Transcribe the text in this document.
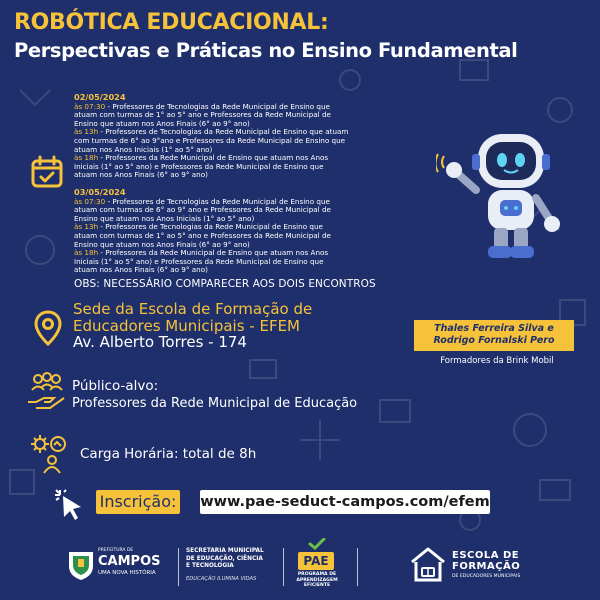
ROBÓTICA EDUCACIONAL:
Perspectivas e Práticas no Ensino Fundamental
02/05/2024
às 07:30 - Professores de Tecnologias da Rede Municipal de Ensino que
atuam com turmas de 1° ao 5° ano e Professores da Rede Municipal de
Ensino que atuam nos Anos Finais (6° ao 9° ano)
às 13h - Professores de Tecnologias da Rede Municipal de Ensino que atuam
com turmas de 6° ao 9°ano e Professores da Rede Municipal de Ensino que
atuam nos Anos Iniciais (1° ao 5° ano)
às 18h - Professores da Rede Municipal de Ensino que atuam nos Anos
Iniciais (1° ao 5° ano) e Professores da Rede Municipal de Ensino que
atuam nos Anos Finais (6° ao 9° ano)
03/05/2024
às 07:30 - Professores de Tecnologias da Rede Municipal de Ensino que
atuam com turmas de 6° ao 9° ano e Professores da Rede Municipal de
Ensino que atuam nos Anos Iniciais (1° ao 5° ano)
às 13h - Professores de Tecnologias da Rede Municipal de Ensino que
atuam com turmas de 1° ao 5° ano e Professores da Rede Municipal de
Ensino que atuam nos Anos Finais (6° ao 9° ano)
às 18h - Professores da Rede Municipal de Ensino que atuam nos Anos
Iniciais (1° ao 5° ano) e Professores da Rede Municipal de Ensino que
atuam nos Anos Finais (6° ao 9° ano)
OBS: NECESSÁRIO COMPARECER AOS DOIS ENCONTROS
Sede da Escola de Formação de
Educadores Municipais - EFEM
Av. Alberto Torres - 174
Público-alvo:
Professores da Rede Municipal de Educação
Carga Horária: total de 8h
Inscrição: www.pae-seduct-campos.com/efem
Thales Ferreira Silva e
Rodrigo Fornalski Pero
Formadores da Brink Mobil
PREFEITURA DE
CAMPOS
UMA NOVA HISTÓRIA
SECRETARIA MUNICIPAL
DE EDUCAÇÃO, CIÊNCIA
E TECNOLOGIA
EDUCAÇÃO ILUMINA VIDAS
PAE
PROGRAMA DE
APRENDIZAGEM EFICIENTE
ESCOLA DE
FORMAÇÃO
DE EDUCADORES MUNICIPAIS
